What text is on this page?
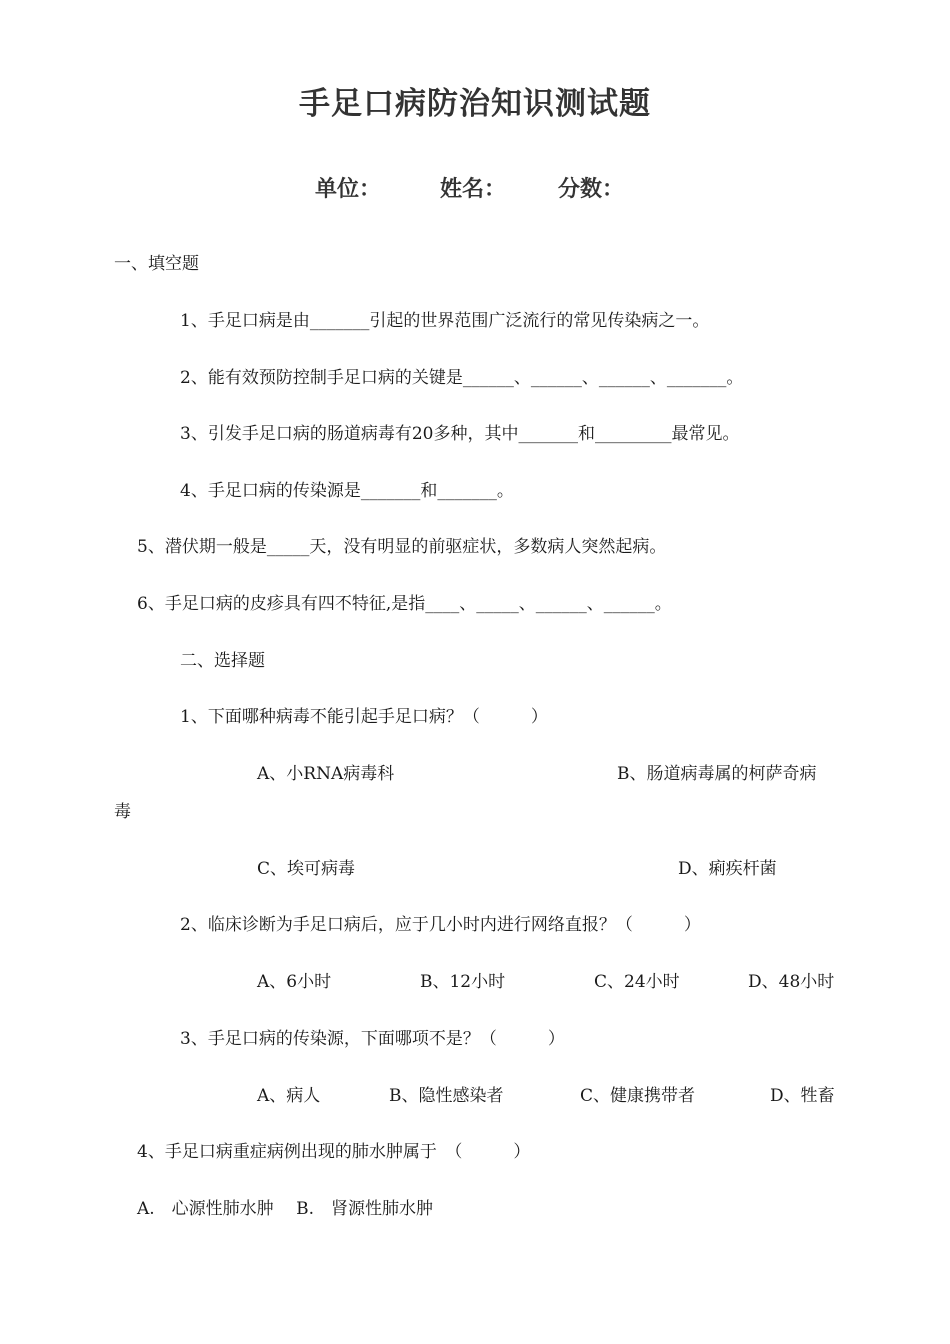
手足口病防治知识测试题
单位：	姓名： 分数：
一、填空题
1、手足口病是由_______引起的世界范围广泛流行的常见传染病之一。
2、能有效预防控制手足口病的关键是______、______、______、_______。
3、引发手足口病的肠道病毒有20多种，其中_______和_________最常见。
4、手足口病的传染源是_______和_______。
5、潜伏期一般是_____天，没有明显的前驱症状，多数病人突然起病。
6、手足口病的皮疹具有四不特征,是指____、_____、______、______。
二、选择题
1、下面哪种病毒不能引起手足口病？（　　　）
A、小RNA病毒科	B、肠道病毒属的柯萨奇病
毒
C、埃可病毒	D、痢疾杆菌
2、临床诊断为手足口病后，应于几小时内进行网络直报？（　　　）
A、6小时	B、12小时	C、24小时	D、48小时
3、手足口病的传染源，下面哪项不是？（　　　）
A、病人	B、隐性感染者	C、健康携带者	D、牲畜
4、手足口病重症病例出现的肺水肿属于　（　　　）
A.　心源性肺水肿　 B.　肾源性肺水肿
